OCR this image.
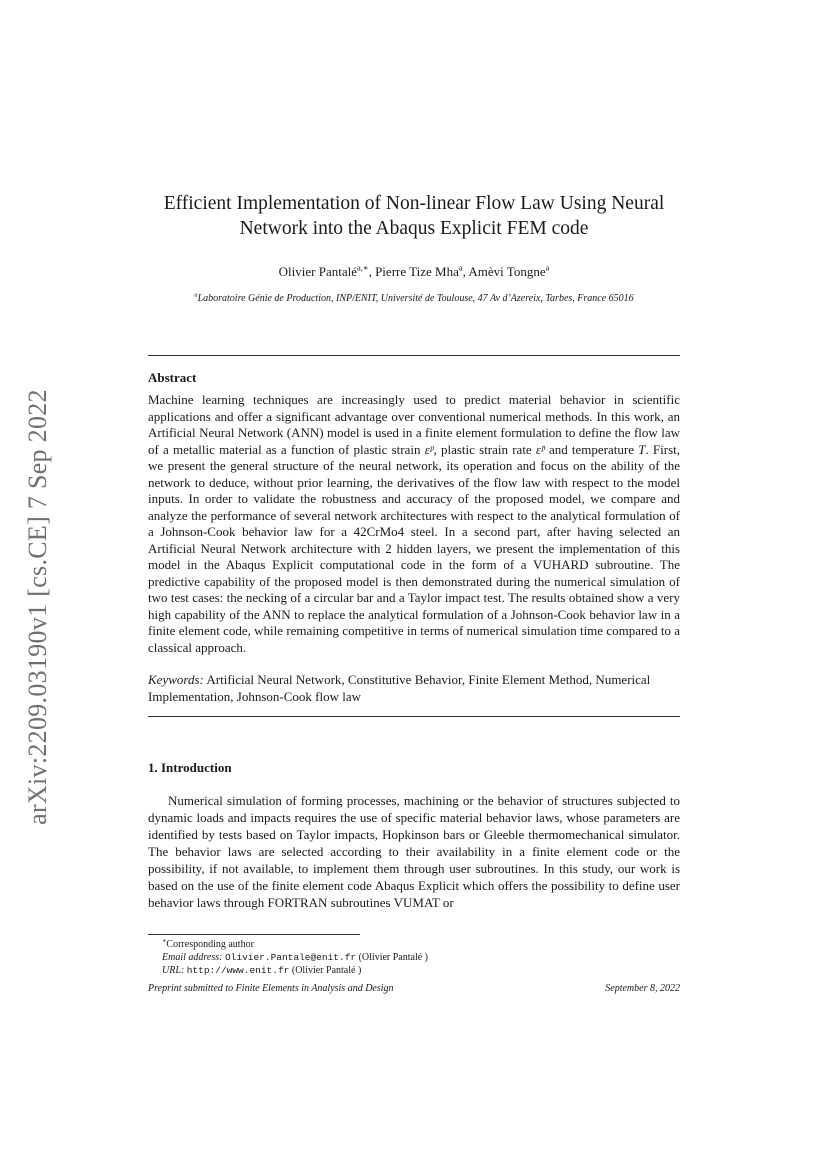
arXiv:2209.03190v1 [cs.CE] 7 Sep 2022
Efficient Implementation of Non-linear Flow Law Using Neural
Network into the Abaqus Explicit FEM code
Olivier Pantalé$^{a,∗}$, Pierre Tize Mha$^a$, Amèvi Tongne$^a$
$^a$Laboratoire Génie de Production, INP/ENIT, Université de Toulouse, 47 Av d’Azereix, Tarbes, France 65016
Abstract

Machine learning techniques are increasingly used to predict material behavior in scientific applications and offer a significant advantage over conventional numerical methods. In this work, an Artificial Neural Network (ANN) model is used in a finite element formulation to define the flow law of a metallic material as a function of plastic strain εᵖ, plastic strain rate ε̇ᵖ and temperature T. First, we present the general structure of the neural network, its operation and focus on the ability of the network to deduce, without prior learning, the derivatives of the flow law with respect to the model inputs. In order to validate the robustness and accuracy of the proposed model, we compare and analyze the performance of several network architectures with respect to the analytical formulation of a Johnson-Cook behavior law for a 42CrMo4 steel. In a second part, after having selected an Artificial Neural Network architecture with 2 hidden layers, we present the implementation of this model in the Abaqus Explicit computational code in the form of a VUHARD subroutine. The predictive capability of the proposed model is then demonstrated during the numerical simulation of two test cases: the necking of a circular bar and a Taylor impact test. The results obtained show a very high capability of the ANN to replace the analytical formulation of a Johnson-Cook behavior law in a finite element code, while remaining competitive in terms of numerical simulation time compared to a classical approach.

Keywords: Artificial Neural Network, Constitutive Behavior, Finite Element Method, Numerical Implementation, Johnson-Cook flow law

1. Introduction

Numerical simulation of forming processes, machining or the behavior of structures subjected to dynamic loads and impacts requires the use of specific material behavior laws, whose parameters are identified by tests based on Taylor impacts, Hopkinson bars or Gleeble thermomechanical simulator. The behavior laws are selected according to their availability in a finite element code or the possibility, if not available, to implement them through user subroutines. In this study, our work is based on the use of the finite element code Abaqus Explicit which offers the possibility to define user behavior laws through FORTRAN subroutines VUMAT or

∗Corresponding author
Email address: Olivier.Pantale@enit.fr (Olivier Pantalé )
URL: http://www.enit.fr (Olivier Pantalé )
Preprint submitted to Finite Elements in Analysis and Design	September 8, 2022
